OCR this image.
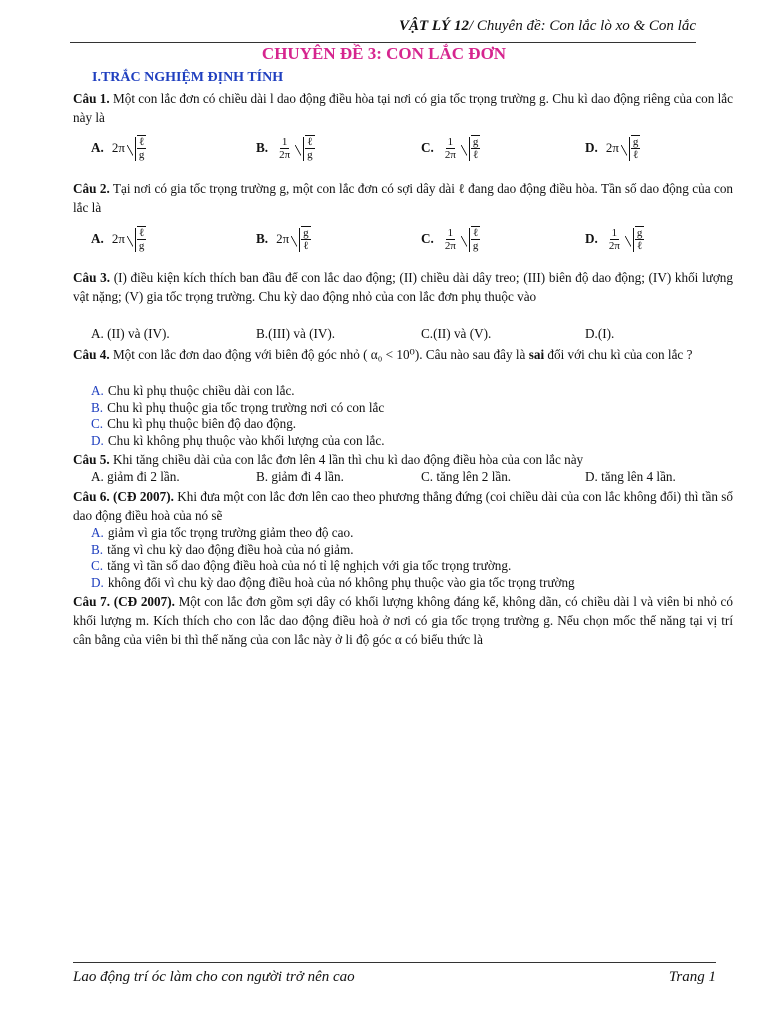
VẬT LÝ 12/ Chuyên đề: Con lắc lò xo & Con lắc
CHUYÊN ĐỀ 3: CON LẮC ĐƠN
I.TRẮC NGHIỆM ĐỊNH TÍNH
Câu 1. Một con lắc đơn có chiều dài l dao động điều hòa tại nơi có gia tốc trọng trường g. Chu kì dao động riêng của con lắc này là
A. $2\pi \frac{\text{ℓ}}{g}$	B. $\frac{1}{2\pi} \frac{\text{ℓ}}{g}$	C. $\frac{1}{2\pi} \frac{g}{\text{ℓ}}$	D. $2\pi \frac{g}{\text{ℓ}}$
Câu 2. Tại nơi có gia tốc trọng trường g, một con lắc đơn có sợi dây dài ℓ đang dao động điều hòa. Tần số dao động của con lắc là
A. $2\pi \frac{\text{ℓ}}{g}$	B. $2\pi \frac{g}{\text{ℓ}}$	C. $\frac{1}{2\pi} \frac{\text{ℓ}}{g}$	D. $\frac{1}{2\pi} \frac{g}{\text{ℓ}}$
Câu 3. (I) điều kiện kích thích ban đầu để con lắc dao động; (II) chiều dài dây treo; (III) biên độ dao động; (IV) khối lượng vật nặng; (V) gia tốc trọng trường. Chu kỳ dao động nhỏ của con lắc đơn phụ thuộc vào
A. (II) và (IV).	B.(III) và (IV).	C.(II) và (V).	D.(I).
Câu 4. Một con lắc đơn dao động với biên độ góc nhỏ ( α₀ < 10⁰). Câu nào sau đây là sai đối với chu kì của con lắc ?
A. Chu kì phụ thuộc chiều dài con lắc.
B. Chu kì phụ thuộc gia tốc trọng trường nơi có con lắc
C. Chu kì phụ thuộc biên độ dao động.
D. Chu kì không phụ thuộc vào khối lượng của con lắc.
Câu 5. Khi tăng chiều dài của con lắc đơn lên 4 lần thì chu kì dao động điều hòa của con lắc này
A. giảm đi 2 lần.	B. giảm đi 4 lần.	C. tăng lên 2 lần.	D. tăng lên 4 lần.
Câu 6. (CĐ 2007). Khi đưa một con lắc đơn lên cao theo phương thẳng đứng (coi chiều dài của con lắc không đổi) thì tần số dao động điều hoà của nó sẽ
A. giảm vì gia tốc trọng trường giảm theo độ cao.
B. tăng vì chu kỳ dao động điều hoà của nó giảm.
C. tăng vì tần số dao động điều hoà của nó tỉ lệ nghịch với gia tốc trọng trường.
D. không đổi vì chu kỳ dao động điều hoà của nó không phụ thuộc vào gia tốc trọng trường
Câu 7. (CĐ 2007). Một con lắc đơn gồm sợi dây có khối lượng không đáng kể, không dãn, có chiều dài l và viên bi nhỏ có khối lượng m. Kích thích cho con lắc dao động điều hoà ở nơi có gia tốc trọng trường g. Nếu chọn mốc thế năng tại vị trí cân bằng của viên bi thì thế năng của con lắc này ở li độ góc α có biểu thức là
Lao động trí óc làm cho con người trở nên cao	Trang 1
